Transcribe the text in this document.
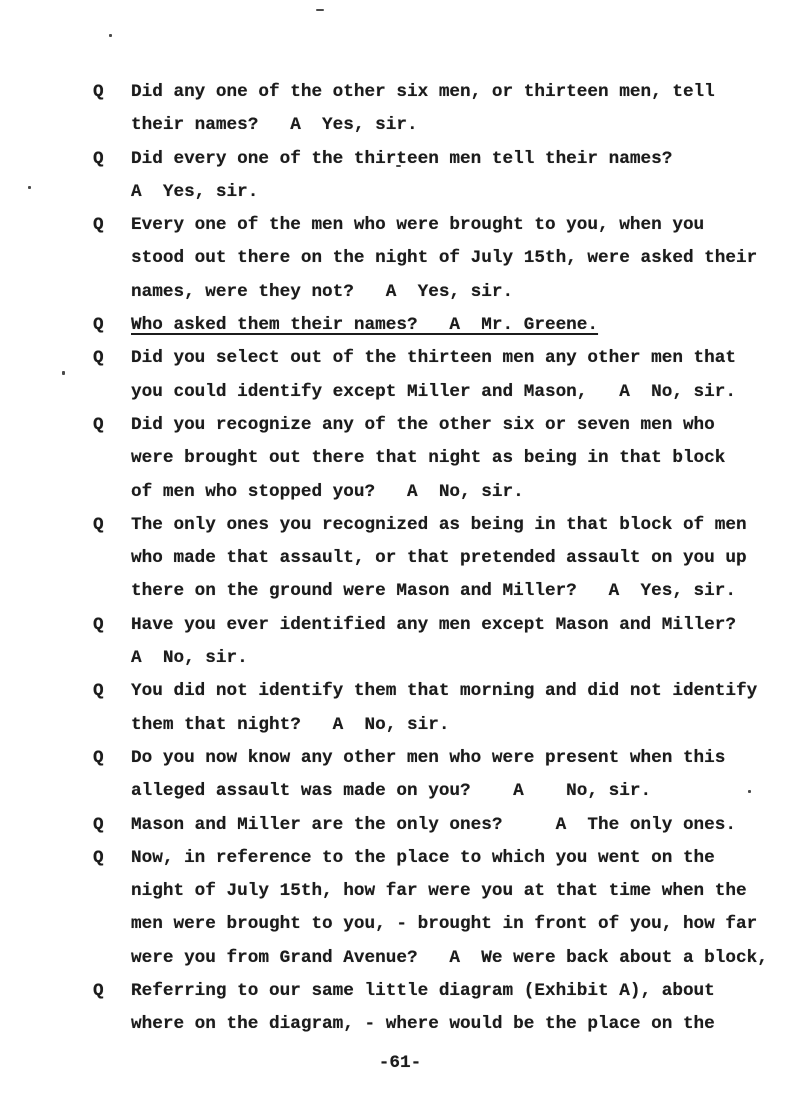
Q Did any one of the other six men, or thirteen men, tell
their names?   A  Yes, sir.
Q Did every one of the thirteen men tell their names?
A  Yes, sir.
Q Every one of the men who were brought to you, when you
stood out there on the night of July 15th, were asked their
names, were they not?   A  Yes, sir.
Q Who asked them their names?   A  Mr. Greene.
Q Did you select out of the thirteen men any other men that
you could identify except Miller and Mason,   A  No, sir.
Q Did you recognize any of the other six or seven men who
were brought out there that night as being in that block
of men who stopped you?   A  No, sir.
Q The only ones you recognized as being in that block of men
who made that assault, or that pretended assault on you up
there on the ground were Mason and Miller?   A  Yes, sir.
Q Have you ever identified any men except Mason and Miller?
A  No, sir.
Q You did not identify them that morning and did not identify
them that night?   A  No, sir.
Q Do you now know any other men who were present when this
alleged assault was made on you?    A    No, sir.
Q Mason and Miller are the only ones?     A  The only ones.
Q Now, in reference to the place to which you went on the
night of July 15th, how far were you at that time when the
men were brought to you, - brought in front of you, how far
were you from Grand Avenue?   A  We were back about a block,
Q Referring to our same little diagram (Exhibit A), about
where on the diagram, - where would be the place on the
-61-
